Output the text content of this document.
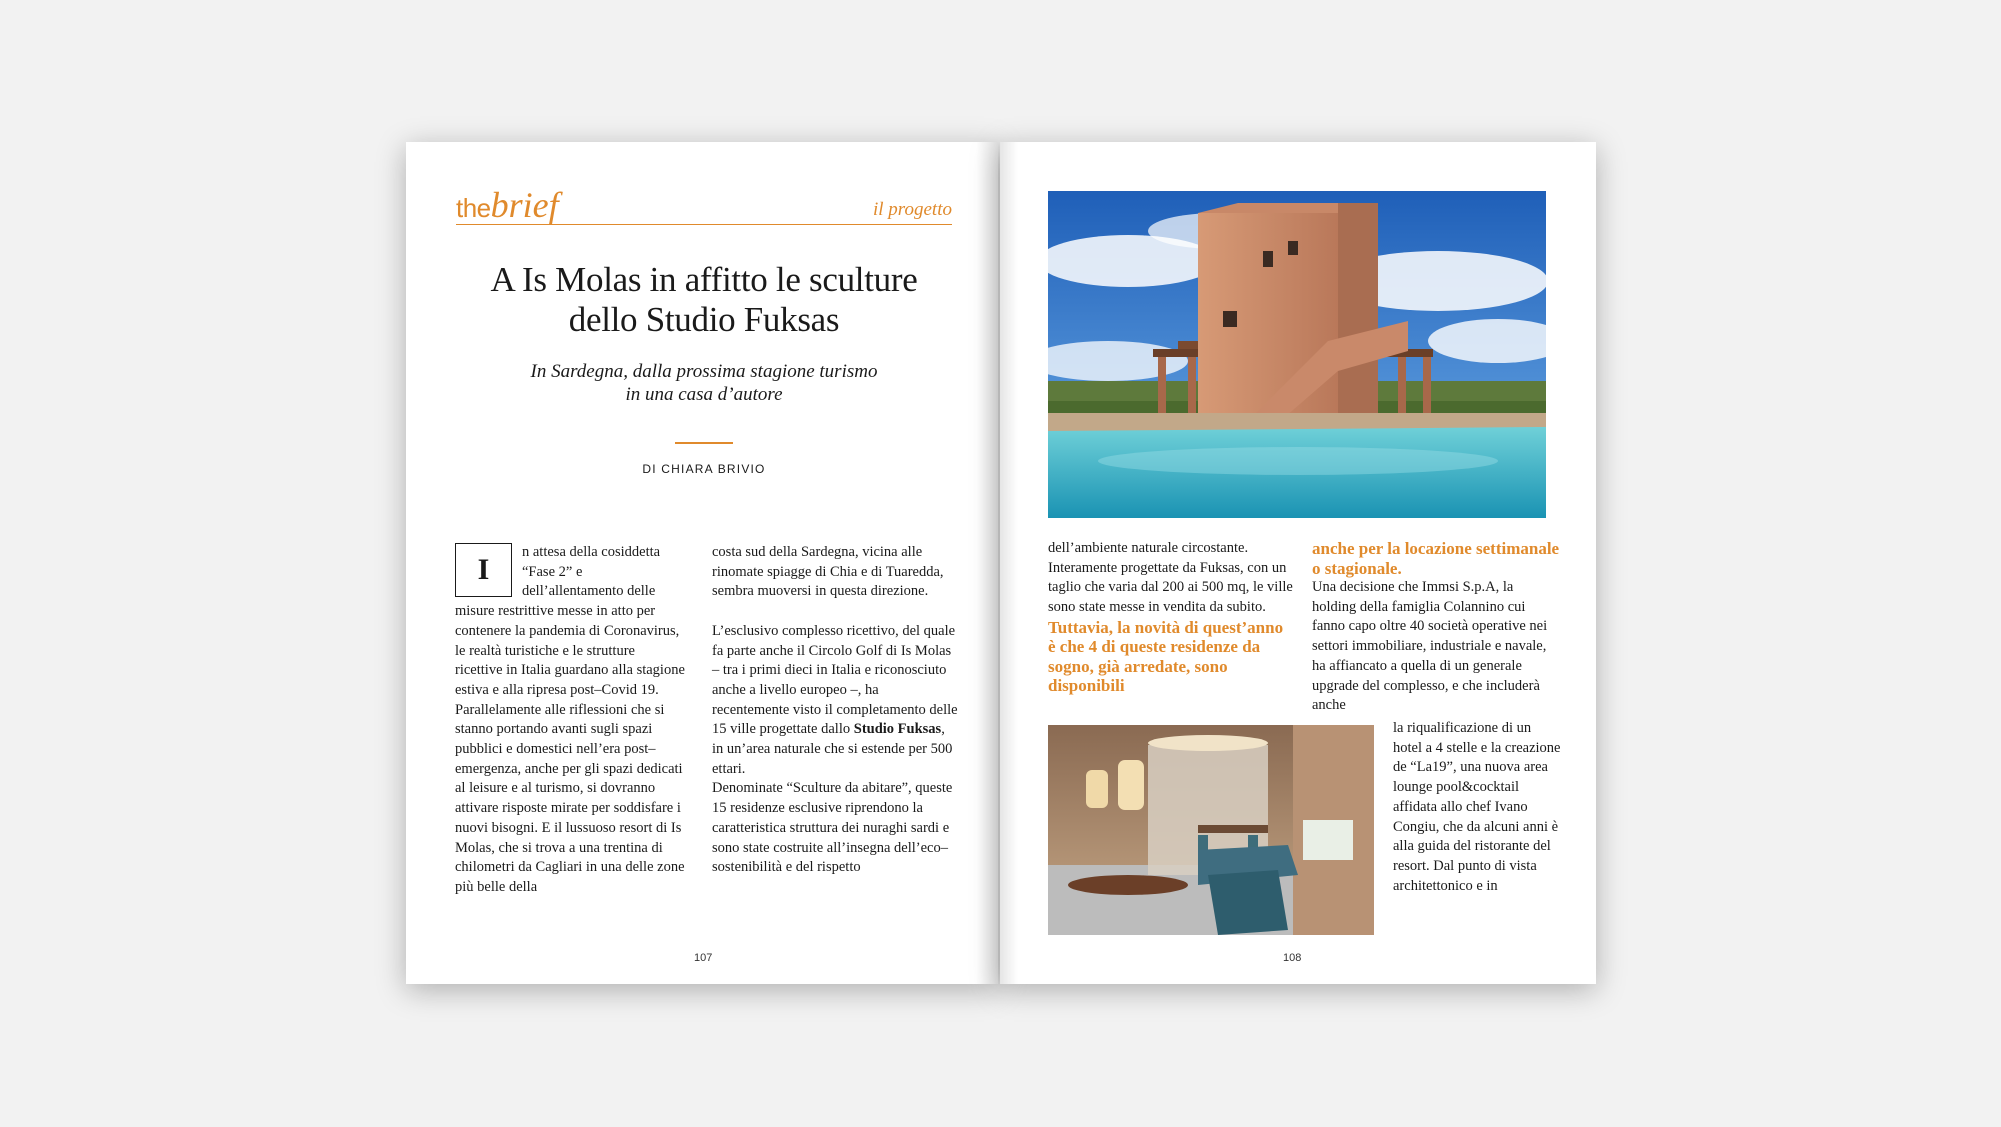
thebrief	il progetto
A Is Molas in affitto le sculture
dello Studio Fuksas
In Sardegna, dalla prossima stagione turismo
in una casa d’autore
DI CHIARA BRIVIO
I
n attesa della cosiddetta “Fase 2” e dell’allentamento delle misure restrittive messe in atto per contenere la pandemia di Coronavirus, le realtà turistiche e le strutture ricettive in Italia guardano alla stagione estiva e alla ripresa post–Covid 19. Parallelamente alle riflessioni che si stanno portando avanti sugli spazi pubblici e domestici nell’era post–emergenza, anche per gli spazi dedicati al leisure e al turismo, si dovranno attivare risposte mirate per soddisfare i nuovi bisogni. E il lussuoso resort di Is Molas, che si trova a una trentina di chilometri da Cagliari in una delle zone più belle della

costa sud della Sardegna, vicina alle rinomate spiagge di Chia e di Tuaredda, sembra muoversi in questa direzione.

L’esclusivo complesso ricettivo, del quale fa parte anche il Circolo Golf di Is Molas – tra i primi dieci in Italia e riconosciuto anche a livello europeo –, ha recentemente visto il completamento delle 15 ville progettate dallo Studio Fuksas, in un’area naturale che si estende per 500 ettari.

Denominate “Sculture da abitare”, queste 15 residenze esclusive riprendono la caratteristica struttura dei nuraghi sardi e sono state costruite all’insegna dell’eco–sostenibilità e del rispetto

107

dell’ambiente naturale circostante. Interamente progettate da Fuksas, con un taglio che varia dal 200 ai 500 mq, le ville sono state messe in vendita da subito.

Tuttavia, la novità di quest’anno è che 4 di queste residenze da sogno, già arredate, sono disponibili

anche per la locazione settimanale o stagionale.

Una decisione che Immsi S.p.A, la holding della famiglia Colannino cui fanno capo oltre 40 società operative nei settori immobiliare, industriale e navale, ha affiancato a quella di un generale upgrade del complesso, e che includerà anche

la riqualificazione di un hotel a 4 stelle e la creazione de “La19”, una nuova area lounge pool&cocktail affidata allo chef Ivano Congiu, che da alcuni anni è alla guida del ristorante del resort. Dal punto di vista architettonico e in

108
